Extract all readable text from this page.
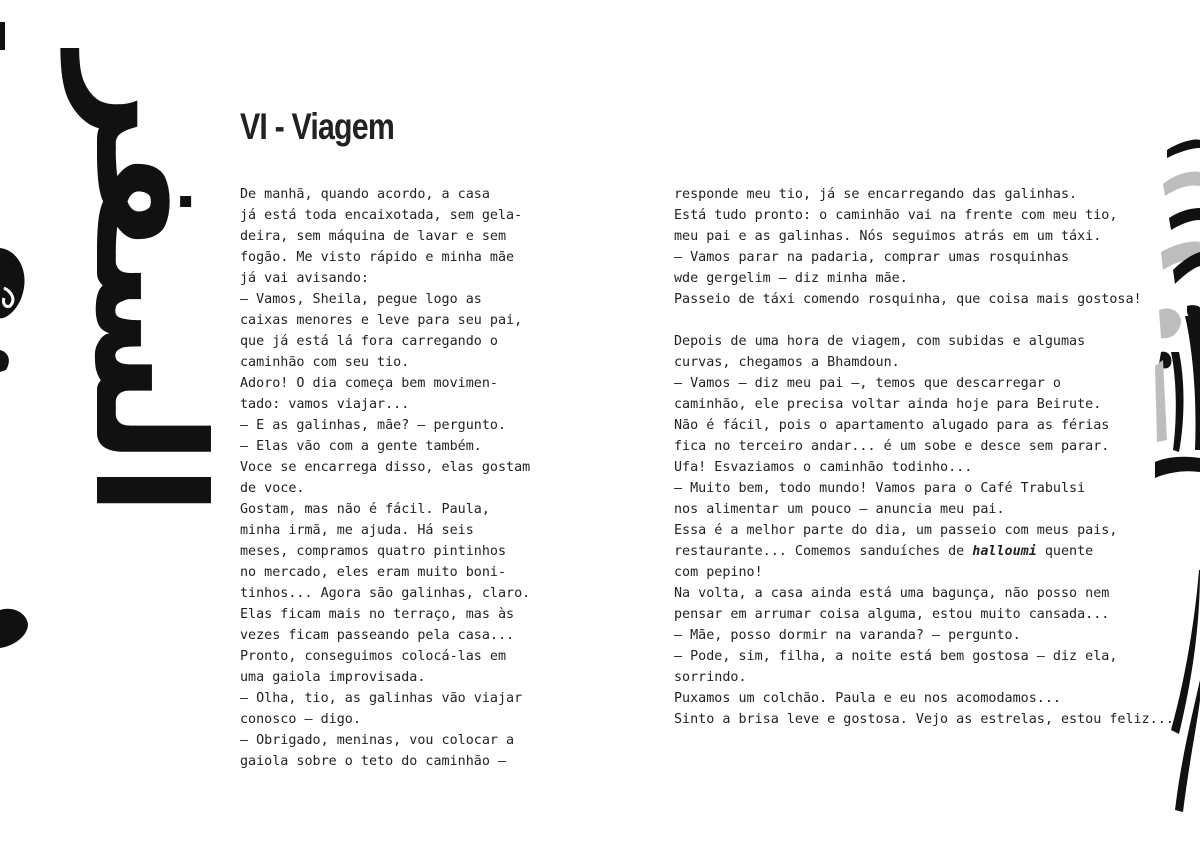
السفر VI - Viagem

De manhã, quando acordo, a casa

já está toda encaixotada, sem gela-

deira, sem máquina de lavar e sem

fogão. Me visto rápido e minha mãe

já vai avisando:

— Vamos, Sheila, pegue logo as

caixas menores e leve para seu pai,

que já está lá fora carregando o

caminhão com seu tio.

Adoro! O dia começa bem movimen-

tado: vamos viajar...

— E as galinhas, mãe? — pergunto.

— Elas vão com a gente também.

Voce se encarrega disso, elas gostam

de voce.

Gostam, mas não é fácil. Paula,

minha irmã, me ajuda. Há seis

meses, compramos quatro pintinhos

no mercado, eles eram muito boni-

tinhos... Agora são galinhas, claro.

Elas ficam mais no terraço, mas às

vezes ficam passeando pela casa...

Pronto, conseguimos colocá-las em

uma gaiola improvisada.

— Olha, tio, as galinhas vão viajar

conosco — digo.

— Obrigado, meninas, vou colocar a

gaiola sobre o teto do caminhão —

responde meu tio, já se encarregando das galinhas.

Está tudo pronto: o caminhão vai na frente com meu tio,

meu pai e as galinhas. Nós seguimos atrás em um táxi.

— Vamos parar na padaria, comprar umas rosquinhas

wde gergelim — diz minha mãe.

Passeio de táxi comendo rosquinha, que coisa mais gostosa!

Depois de uma hora de viagem, com subidas e algumas

curvas, chegamos a Bhamdoun.

— Vamos — diz meu pai —, temos que descarregar o

caminhão, ele precisa voltar ainda hoje para Beirute.

Não é fácil, pois o apartamento alugado para as férias

fica no terceiro andar... é um sobe e desce sem parar.

Ufa! Esvaziamos o caminhão todinho...

— Muito bem, todo mundo! Vamos para o Café Trabulsi

nos alimentar um pouco — anuncia meu pai.

Essa é a melhor parte do dia, um passeio com meus pais,

restaurante... Comemos sanduíches de halloumi quente

com pepino!

Na volta, a casa ainda está uma bagunça, não posso nem

pensar em arrumar coisa alguma, estou muito cansada...

— Mãe, posso dormir na varanda? — pergunto.

— Pode, sim, filha, a noite está bem gostosa — diz ela,

sorrindo.

Puxamos um colchão. Paula e eu nos acomodamos...

Sinto a brisa leve e gostosa. Vejo as estrelas, estou feliz...
